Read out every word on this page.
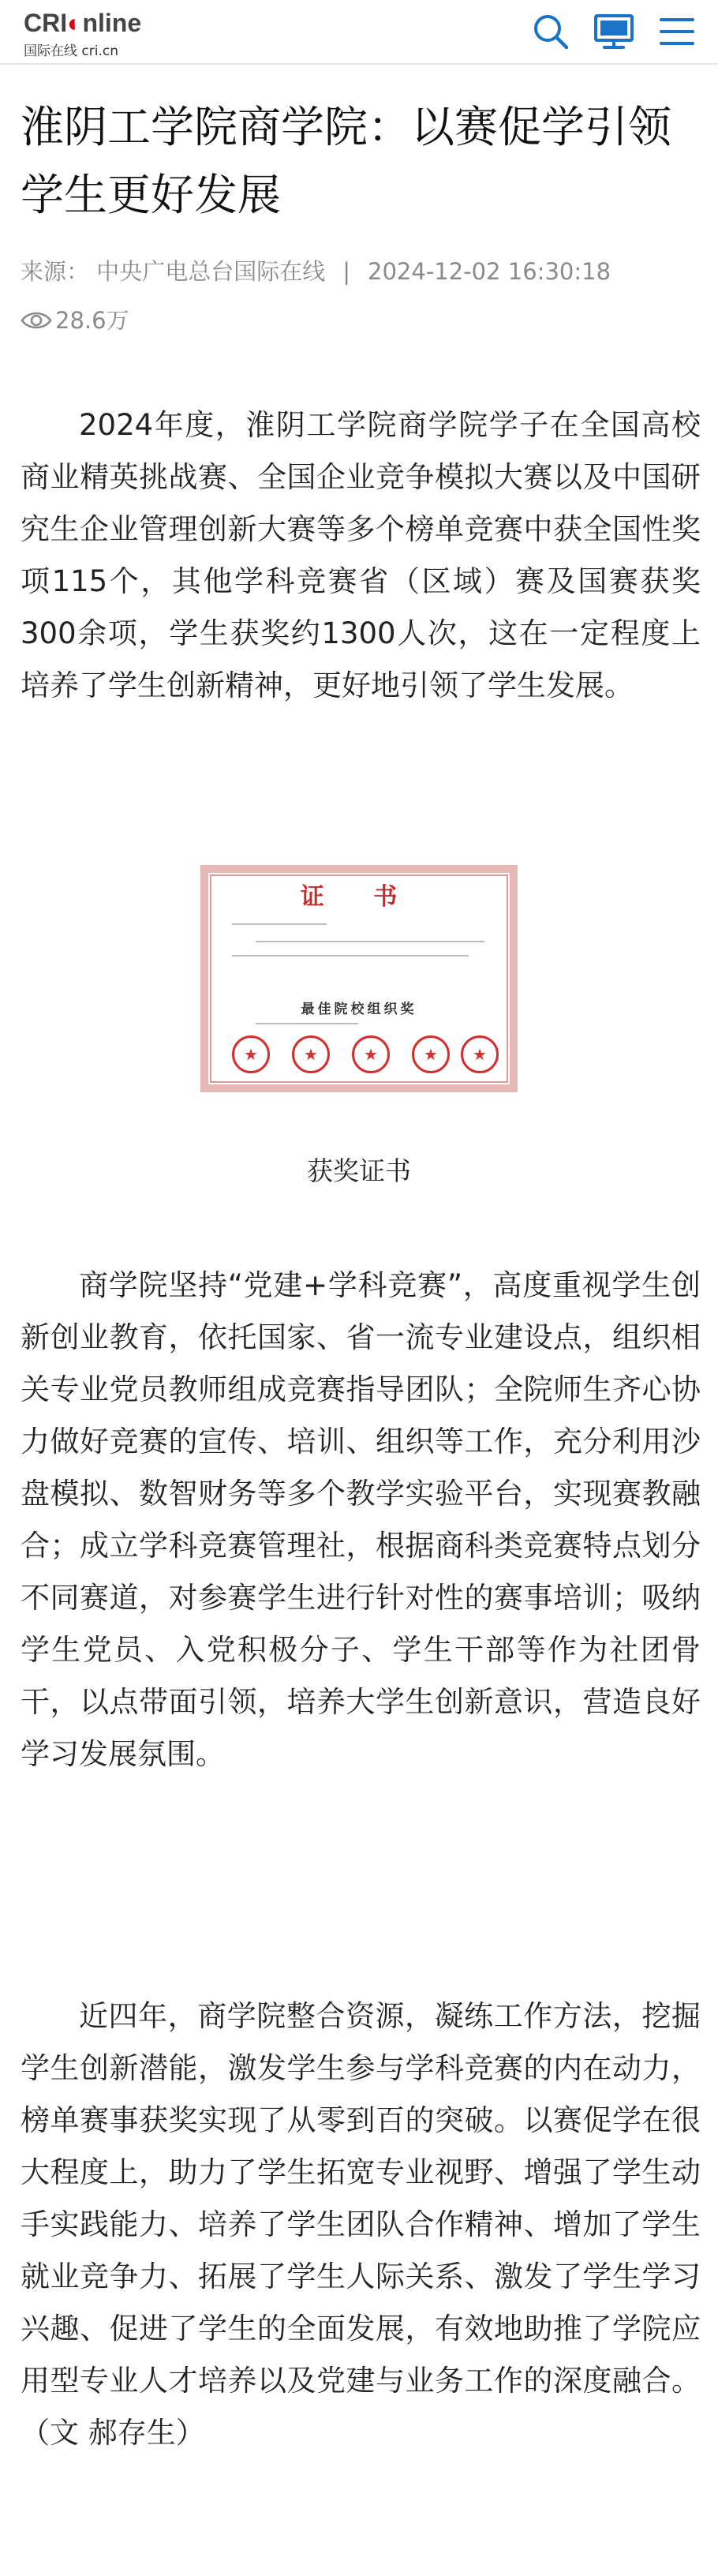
CRI◐nline
国际在线 cri.cn
淮阴工学院商学院：以赛促学引领学生更好发展
来源： 中央广电总台国际在线 | 2024-12-02 16:30:18
28.6万

2024年度，淮阴工学院商学院学子在全国高校商业精英挑战赛、全国企业竞争模拟大赛以及中国研究生企业管理创新大赛等多个榜单竞赛中获全国性奖项115个，其他学科竞赛省（区域）赛及国赛获奖300余项，学生获奖约1300人次，这在一定程度上培养了学生创新精神，更好地引领了学生发展。

证 书
最佳院校组织奖
★	★	★	★	★
获奖证书

商学院坚持“党建+学科竞赛”，高度重视学生创新创业教育，依托国家、省一流专业建设点，组织相关专业党员教师组成竞赛指导团队；全院师生齐心协力做好竞赛的宣传、培训、组织等工作，充分利用沙盘模拟、数智财务等多个教学实验平台，实现赛教融合；成立学科竞赛管理社，根据商科类竞赛特点划分不同赛道，对参赛学生进行针对性的赛事培训；吸纳学生党员、入党积极分子、学生干部等作为社团骨干，以点带面引领，培养大学生创新意识，营造良好学习发展氛围。

近四年，商学院整合资源，凝练工作方法，挖掘学生创新潜能，激发学生参与学科竞赛的内在动力，榜单赛事获奖实现了从零到百的突破。以赛促学在很大程度上，助力了学生拓宽专业视野、增强了学生动手实践能力、培养了学生团队合作精神、增加了学生就业竞争力、拓展了学生人际关系、激发了学生学习兴趣、促进了学生的全面发展，有效地助推了学院应用型专业人才培养以及党建与业务工作的深度融合。（文 郝存生）
